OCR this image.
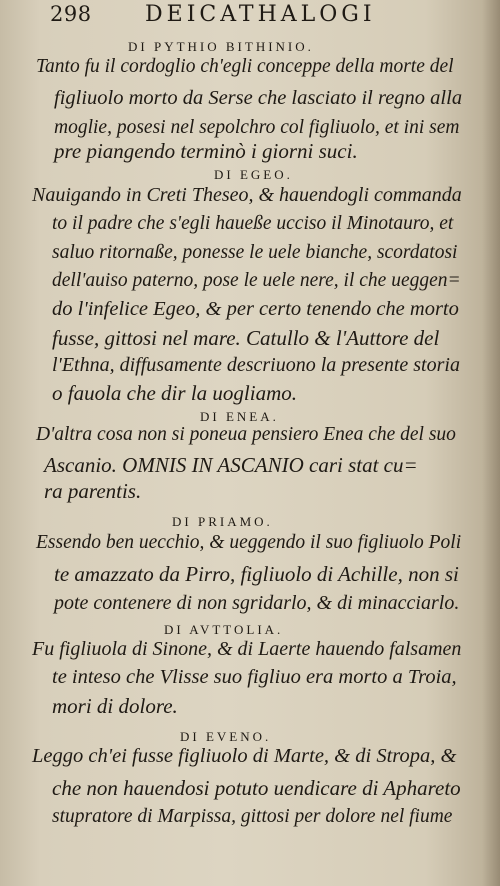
298 DEICATHALOGI
DI PYTHIO BITHINIO.
Tanto fu il cordoglio ch'egli conceppe della morte del
figliuolo morto da Serse che lasciato il regno alla
moglie, posesi nel sepolchro col figliuolo, et ini sem
pre piangendo terminò i giorni suci.
DI EGEO.
Nauigando in Creti Theseo, & hauendogli commanda
to il padre che s'egli haueße ucciso il Minotauro, et
saluo ritornaße, ponesse le uele bianche, scordatosi
dell'auiso paterno, pose le uele nere, il che ueggen=
do l'infelice Egeo, & per certo tenendo che morto
fusse, gittosi nel mare. Catullo & l'Auttore del
l'Ethna, diffusamente descriuono la presente storia
o fauola che dir la uogliamo.
DI ENEA.
D'altra cosa non si poneua pensiero Enea che del suo
Ascanio. OMNIS IN ASCANIO cari stat cu=
ra parentis.
DI PRIAMO.
Essendo ben uecchio, & ueggendo il suo figliuolo Poli
te amazzato da Pirro, figliuolo di Achille, non si
pote contenere di non sgridarlo, & di minacciarlo.
DI AVTTOLIA.
Fu figliuola di Sinone, & di Laerte hauendo falsamen
te inteso che Vlisse suo figliuo era morto a Troia,
mori di dolore.
DI EVENO.
Leggo ch'ei fusse figliuolo di Marte, & di Stropa, &
che non hauendosi potuto uendicare di Aphareto
stupratore di Marpissa, gittosi per dolore nel fiume
